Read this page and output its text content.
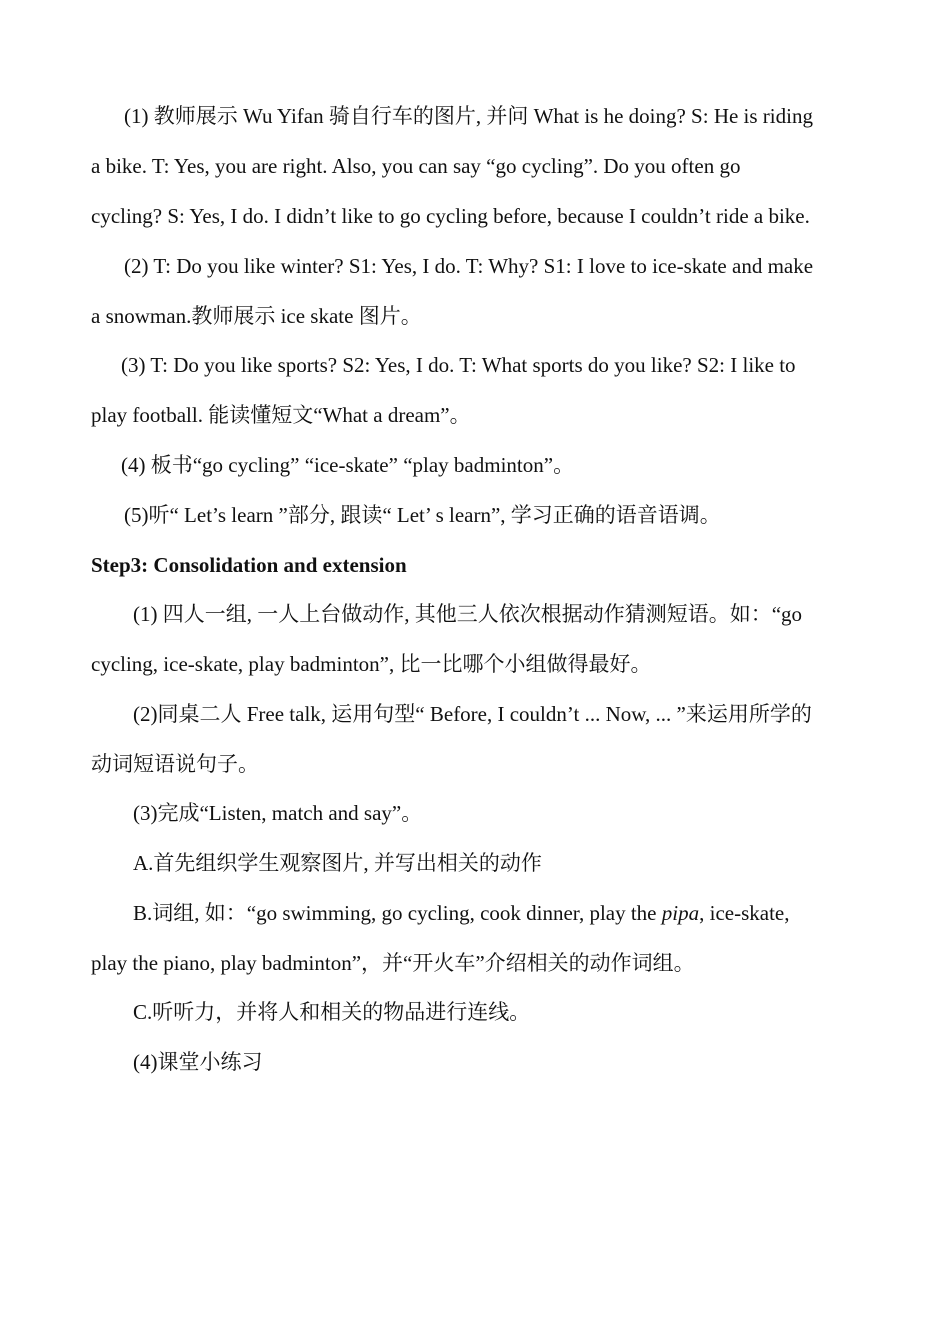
(1) 教师展示 Wu Yifan 骑自行车的图片, 并问 What is he doing? S: He is riding
a bike. T: Yes, you are right. Also, you can say “go cycling”. Do you often go
cycling? S: Yes, I do. I didn’t like to go cycling before, because I couldn’t ride a bike.
(2) T: Do you like winter? S1: Yes, I do. T: Why? S1: I love to ice-skate and make
a snowman.教师展示 ice skate 图片。
(3) T: Do you like sports? S2: Yes, I do. T: What sports do you like? S2: I like to
play football. 能读懂短文“What a dream”。
(4) 板书“go cycling” “ice-skate” “play badminton”。
(5)听“ Let’s learn ”部分, 跟读“ Let’ s learn”, 学习正确的语音语调。
Step3: Consolidation and extension
(1) 四人一组, 一人上台做动作, 其他三人依次根据动作猜测短语。如：“go
cycling, ice-skate, play badminton”, 比一比哪个小组做得最好。
(2)同桌二人 Free talk, 运用句型“ Before, I couldn’t ... Now, ... ”来运用所学的
动词短语说句子。
(3)完成“Listen, match and say”。
A.首先组织学生观察图片, 并写出相关的动作
B.词组, 如：“go swimming, go cycling, cook dinner, play the pipa, ice-skate,
play the piano, play badminton”，并“开火车”介绍相关的动作词组。
C.听听力，并将人和相关的物品进行连线。
(4)课堂小练习
